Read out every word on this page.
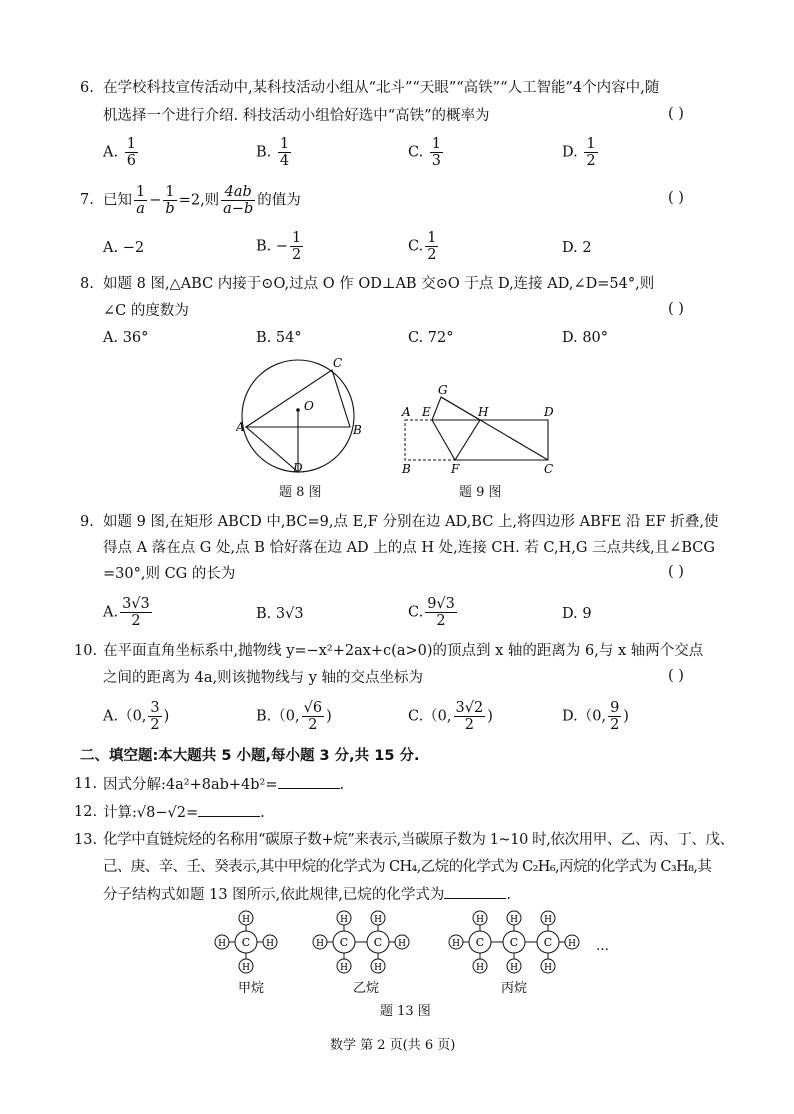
6. 在学校科技宣传活动中,某科技活动小组从“北斗”“天眼”“高铁”“人工智能”4个内容中,随
机选择一个进行介绍. 科技活动小组恰好选中“高铁”的概率为	( )
A. $\frac{1}{6}$	B. $\frac{1}{4}$	C. $\frac{1}{3}$	D. $\frac{1}{2}$
7. 已知 $\frac{1}{a} - \frac{1}{b} =2$,则 $\frac{4ab}{a-b}$ 的值为	( )
A. −2	B. − $\frac{1}{2}$	C. $\frac{1}{2}$	D. 2
8. 如题 8 图,△ABC 内接于⊙O,过点 O 作 OD⊥AB 交⊙O 于点 D,连接 AD,∠D=54°,则
∠C 的度数为	( )
A. 36°	B. 54°	C. 72°	D. 80°
O
A	B
C
D
题 8 图
A E
G
H	D
B	F	C
题 9 图
9. 如题 9 图,在矩形 ABCD 中,BC=9,点 E,F 分别在边 AD,BC 上,将四边形 ABFE 沿 EF 折叠,使
得点 A 落在点 G 处,点 B 恰好落在边 AD 上的点 H 处,连接 CH. 若 C,H,G 三点共线,且∠BCG
=30°,则 CG 的长为	( )
A. $\frac{3√3}{2}$	B. 3√3	C. $\frac{9√3}{2}$	D. 9
10. 在平面直角坐标系中,抛物线 y=−x²+2ax+c(a>0)的顶点到 x 轴的距离为 6,与 x 轴两个交点
之间的距离为 4a,则该抛物线与 y 轴的交点坐标为	( )
A.（0, $\frac{3}{2}$ )	B.（0, $\frac{√6}{2}$ )	C.（0, $\frac{3√2}{2}$ )	D.（0, $\frac{9}{2}$ )
二、填空题:本大题共 5 小题,每小题 3 分,共 15 分.
11. 因式分解:4a²+8ab+4b²=	.
12. 计算:√8−√2=	.
13. 化学中直链烷烃的名称用“碳原子数+烷”来表示,当碳原子数为 1~10 时,依次用甲、乙、丙、丁、戊、
己、庚、辛、壬、癸表示,其中甲烷的化学式为 CH₄,乙烷的化学式为 C₂H₆,丙烷的化学式为 C₃H₈,其
分子结构式如题 13 图所示,依此规律,已烷的化学式为	.
H	H
H
H
C	H	H
H
H
C
H
H
C	H	H
H
H
C
H
H
C
H
H
C	…
甲烷	乙烷	丙烷
题 13 图
数学 第 2 页(共 6 页)
